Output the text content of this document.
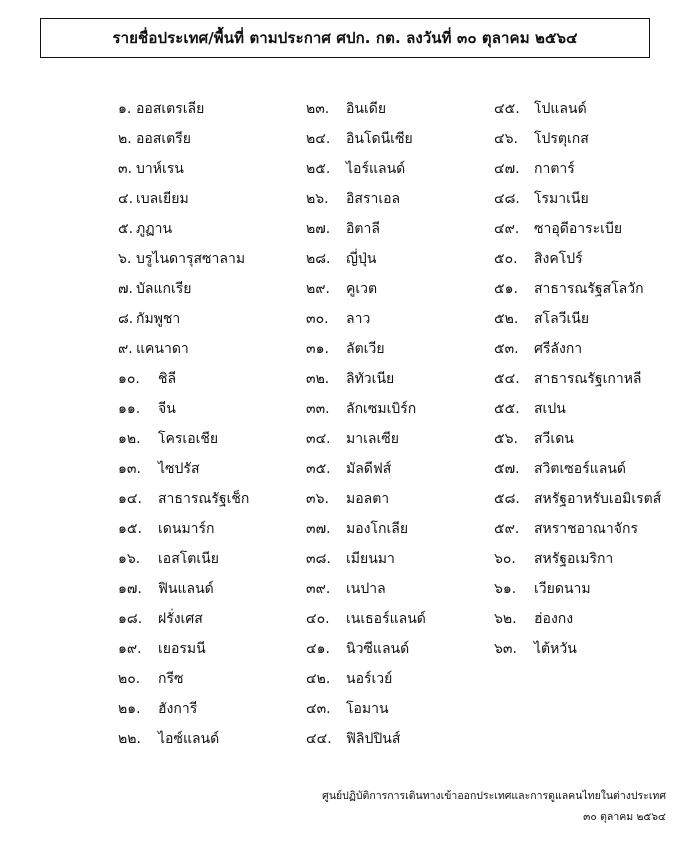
รายชื่อประเทศ/พื้นที่ ตามประกาศ ศปก. กต. ลงวันที่ ๓๐ ตุลาคม ๒๕๖๔
๑. ออสเตรเลีย
๒. ออสเตรีย
๓. บาห์เรน
๔. เบลเยียม
๕. ภูฏาน
๖. บรูไนดารุสซาลาม
๗. บัลแกเรีย
๘. กัมพูชา
๙. แคนาดา
๑๐.	ชิลี
๑๑.	จีน
๑๒.	โครเอเชีย
๑๓.	ไซปรัส
๑๔.	สาธารณรัฐเช็ก
๑๕.	เดนมาร์ก
๑๖.	เอสโตเนีย
๑๗.	ฟินแลนด์
๑๘.	ฝรั่งเศส
๑๙.	เยอรมนี
๒๐.	กรีซ
๒๑.	ฮังการี
๒๒.	ไอซ์แลนด์
๒๓.	อินเดีย
๒๔.	อินโดนีเซีย
๒๕.	ไอร์แลนด์
๒๖.	อิสราเอล
๒๗.	อิตาลี
๒๘.	ญี่ปุ่น
๒๙.	คูเวต
๓๐.	ลาว
๓๑.	ลัตเวีย
๓๒.	ลิทัวเนีย
๓๓.	ลักเซมเบิร์ก
๓๔.	มาเลเซีย
๓๕.	มัลดีฟส์
๓๖.	มอลตา
๓๗.	มองโกเลีย
๓๘.	เมียนมา
๓๙.	เนปาล
๔๐.	เนเธอร์แลนด์
๔๑.	นิวซีแลนด์
๔๒.	นอร์เวย์
๔๓.	โอมาน
๔๔.	ฟิลิปปินส์
๔๕.	โปแลนด์
๔๖.	โปรตุเกส
๔๗.	กาตาร์
๔๘.	โรมาเนีย
๔๙.	ซาอุดีอาระเบีย
๕๐.	สิงคโปร์
๕๑.	สาธารณรัฐสโลวัก
๕๒.	สโลวีเนีย
๕๓.	ศรีลังกา
๕๔.	สาธารณรัฐเกาหลี
๕๕.	สเปน
๕๖.	สวีเดน
๕๗.	สวิตเซอร์แลนด์
๕๘.	สหรัฐอาหรับเอมิเรตส์
๕๙.	สหราชอาณาจักร
๖๐.	สหรัฐอเมริกา
๖๑.	เวียดนาม
๖๒.	ฮ่องกง
๖๓.	ไต้หวัน
ศูนย์ปฏิบัติการการเดินทางเข้าออกประเทศและการดูแลคนไทยในต่างประเทศ
๓๐ ตุลาคม ๒๕๖๔
